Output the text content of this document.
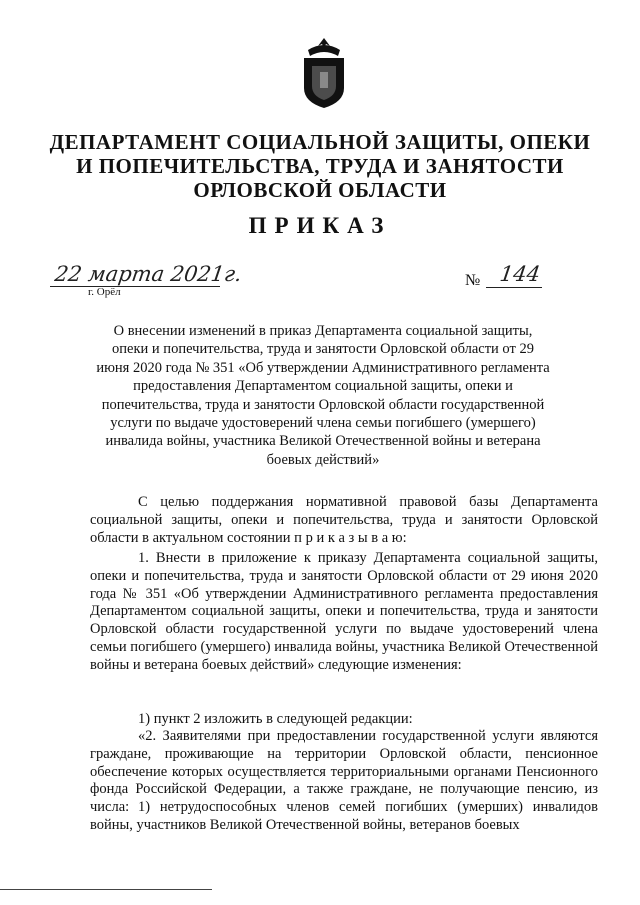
ДЕПАРТАМЕНТ СОЦИАЛЬНОЙ ЗАЩИТЫ, ОПЕКИ
И ПОПЕЧИТЕЛЬСТВА, ТРУДА И ЗАНЯТОСТИ
ОРЛОВСКОЙ ОБЛАСТИ
ПРИКАЗ
22 марта 2021г.
г. Орёл
№ 144
О внесении изменений в приказ Департамента социальной защиты, опеки и попечительства, труда и занятости Орловской области от 29 июня 2020 года № 351 «Об утверждении Административного регламента предоставления Департаментом социальной защиты, опеки и попечительства, труда и занятости Орловской области государственной услуги по выдаче удостоверений члена семьи погибшего (умершего) инвалида войны, участника Великой Отечественной войны и ветерана боевых действий»
С целью поддержания нормативной правовой базы Департамента социальной защиты, опеки и попечительства, труда и занятости Орловской области в актуальном состоянии п р и к а з ы в а ю:
1. Внести в приложение к приказу Департамента социальной защиты, опеки и попечительства, труда и занятости Орловской области от 29 июня 2020 года № 351 «Об утверждении Административного регламента предоставления Департаментом социальной защиты, опеки и попечительства, труда и занятости Орловской области государственной услуги по выдаче удостоверений члена семьи погибшего (умершего) инвалида войны, участника Великой Отечественной войны и ветерана боевых действий» следующие изменения:
1) пункт 2 изложить в следующей редакции:
«2. Заявителями при предоставлении государственной услуги являются граждане, проживающие на территории Орловской области, пенсионное обеспечение которых осуществляется территориальными органами Пенсионного фонда Российской Федерации, а также граждане, не получающие пенсию, из числа: 1) нетрудоспособных членов семей погибших (умерших) инвалидов войны, участников Великой Отечественной войны, ветеранов боевых
